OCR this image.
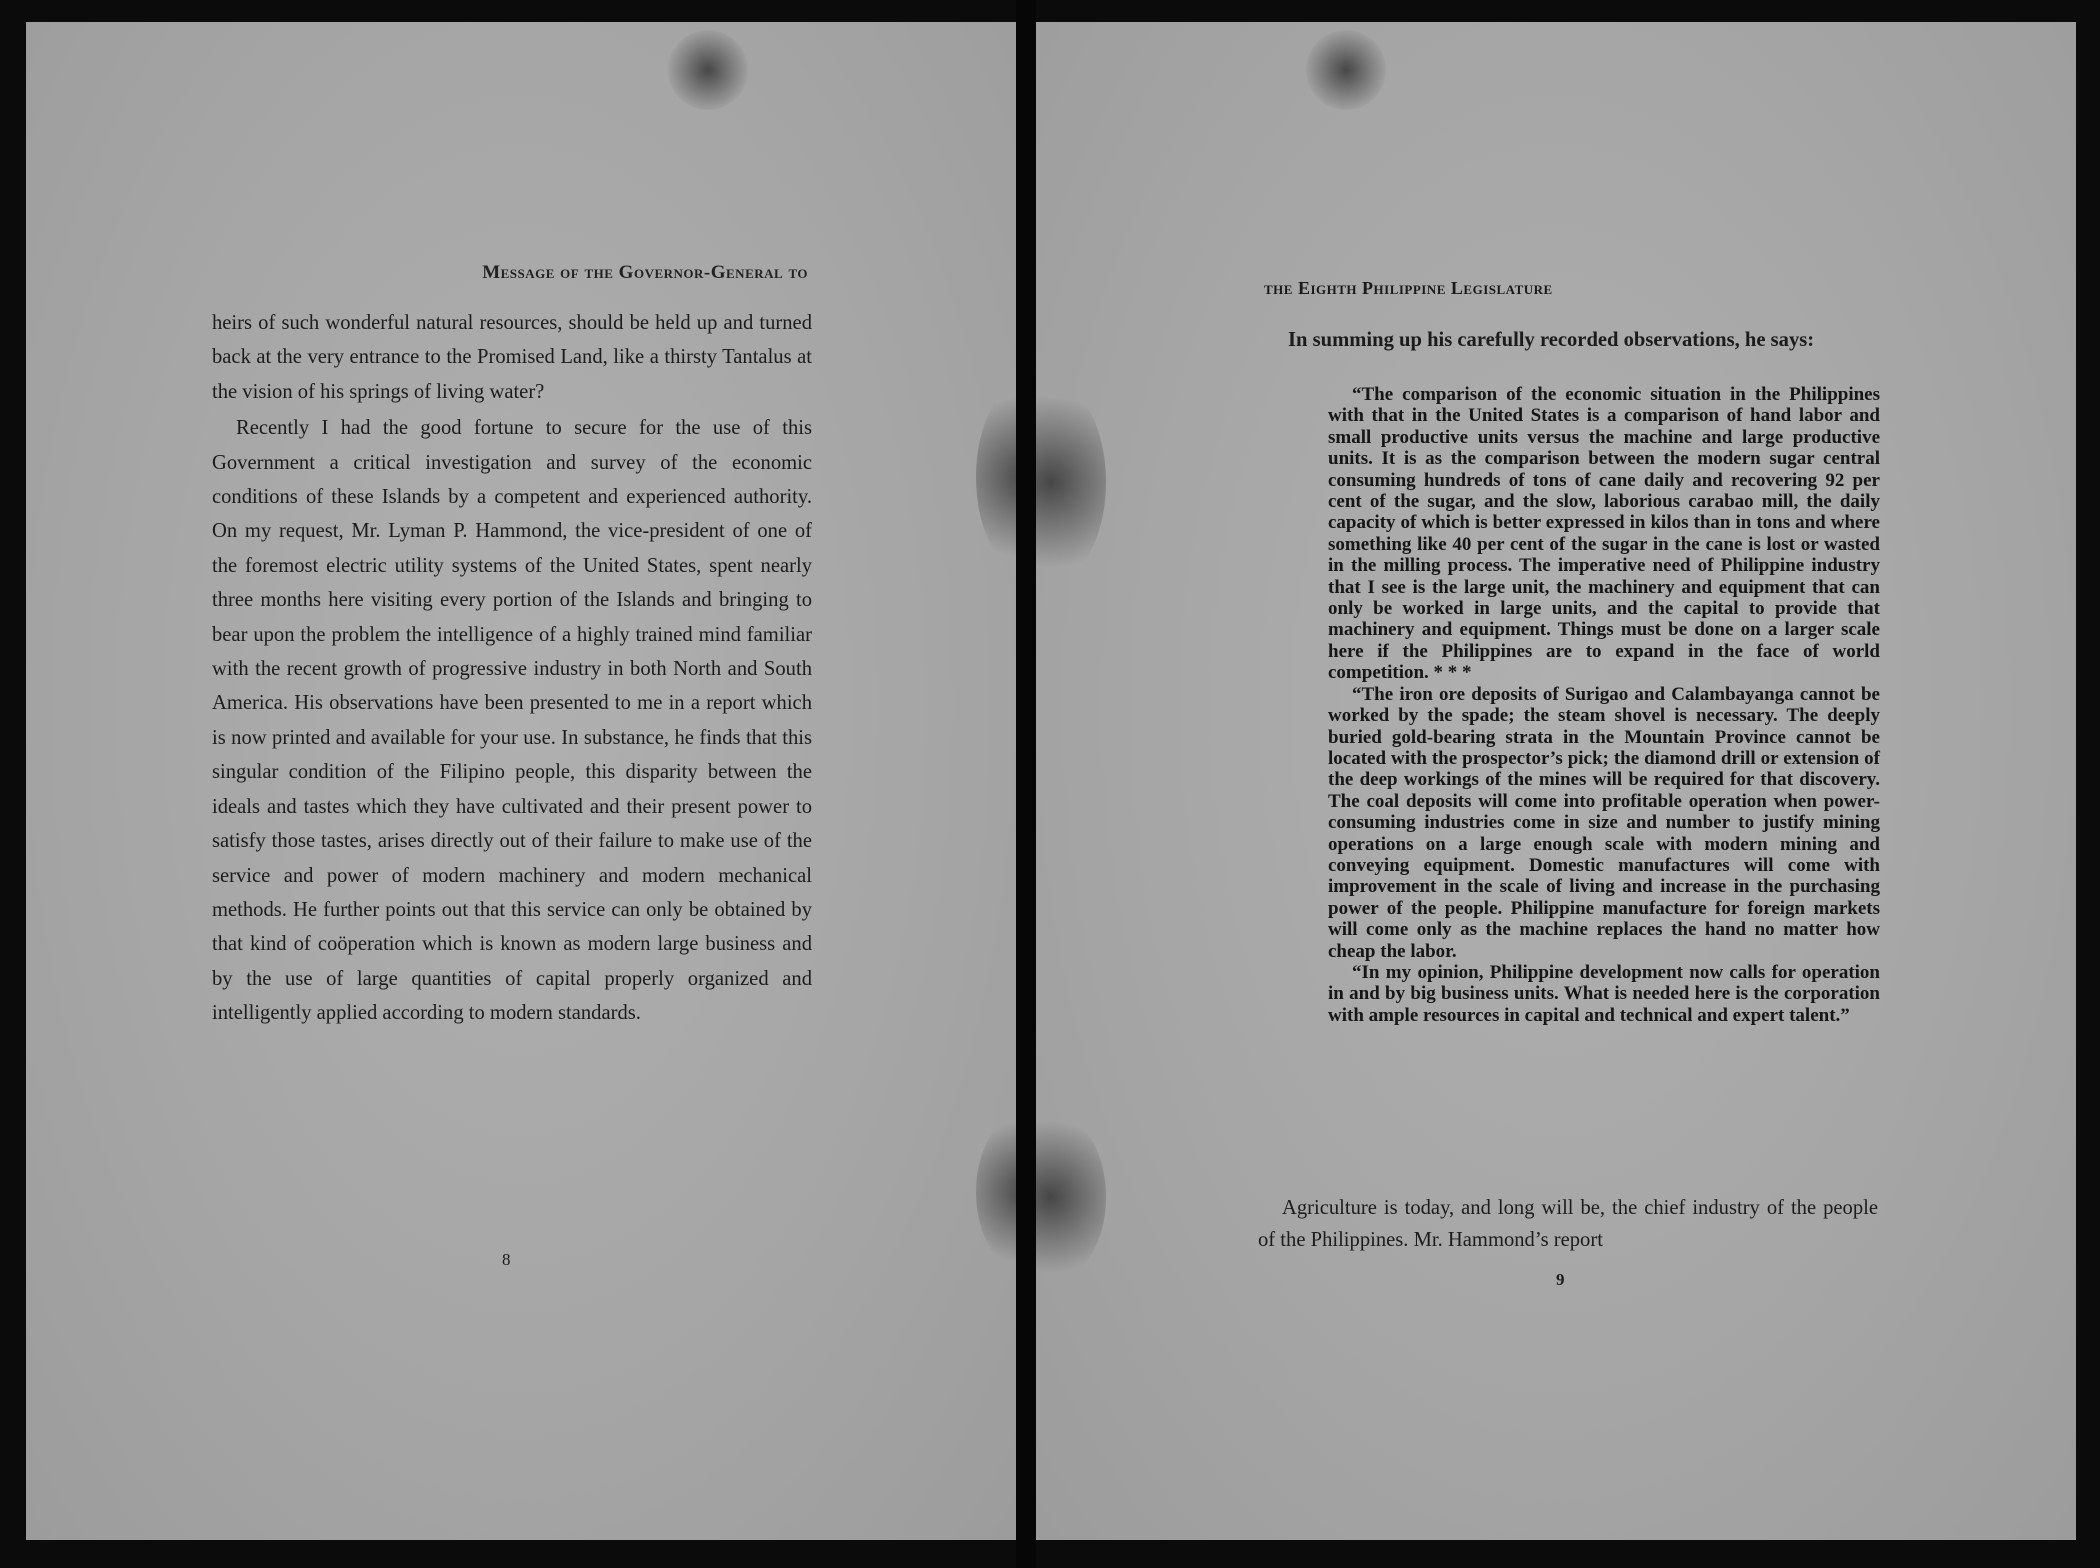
Message of the Governor-General to

heirs of such wonderful natural resources, should be held up and turned back at the very entrance to the Promised Land, like a thirsty Tantalus at the vision of his springs of living water?

Recently I had the good fortune to secure for the use of this Government a critical investigation and survey of the economic conditions of these Islands by a competent and experienced authority. On my request, Mr. Lyman P. Hammond, the vice-president of one of the foremost electric utility systems of the United States, spent nearly three months here visiting every portion of the Islands and bringing to bear upon the problem the intelligence of a highly trained mind familiar with the recent growth of progressive industry in both North and South America. His observations have been presented to me in a report which is now printed and available for your use. In substance, he finds that this singular condition of the Filipino people, this disparity between the ideals and tastes which they have cultivated and their present power to satisfy those tastes, arises directly out of their failure to make use of the service and power of modern machinery and modern mechanical methods. He further points out that this service can only be obtained by that kind of coöperation which is known as modern large business and by the use of large quantities of capital properly organized and intelligently applied according to modern standards.

8
the Eighth Philippine Legislature

In summing up his carefully recorded observations, he says:

“The comparison of the economic situation in the Philippines with that in the United States is a comparison of hand labor and small productive units versus the machine and large productive units. It is as the comparison between the modern sugar central consuming hundreds of tons of cane daily and recovering 92 per cent of the sugar, and the slow, laborious carabao mill, the daily capacity of which is better expressed in kilos than in tons and where something like 40 per cent of the sugar in the cane is lost or wasted in the milling process. The imperative need of Philippine industry that I see is the large unit, the machinery and equipment that can only be worked in large units, and the capital to provide that machinery and equipment. Things must be done on a larger scale here if the Philippines are to expand in the face of world competition. * * *

“The iron ore deposits of Surigao and Calambayanga cannot be worked by the spade; the steam shovel is necessary. The deeply buried gold-bearing strata in the Mountain Province cannot be located with the prospector’s pick; the diamond drill or extension of the deep workings of the mines will be required for that discovery. The coal deposits will come into profitable operation when power-consuming industries come in size and number to justify mining operations on a large enough scale with modern mining and conveying equipment. Domestic manufactures will come with improvement in the scale of living and increase in the purchasing power of the people. Philippine manufacture for foreign markets will come only as the machine replaces the hand no matter how cheap the labor.

“In my opinion, Philippine development now calls for operation in and by big business units. What is needed here is the corporation with ample resources in capital and technical and expert talent.”

Agriculture is today, and long will be, the chief industry of the people of the Philippines. Mr. Hammond’s report

9
